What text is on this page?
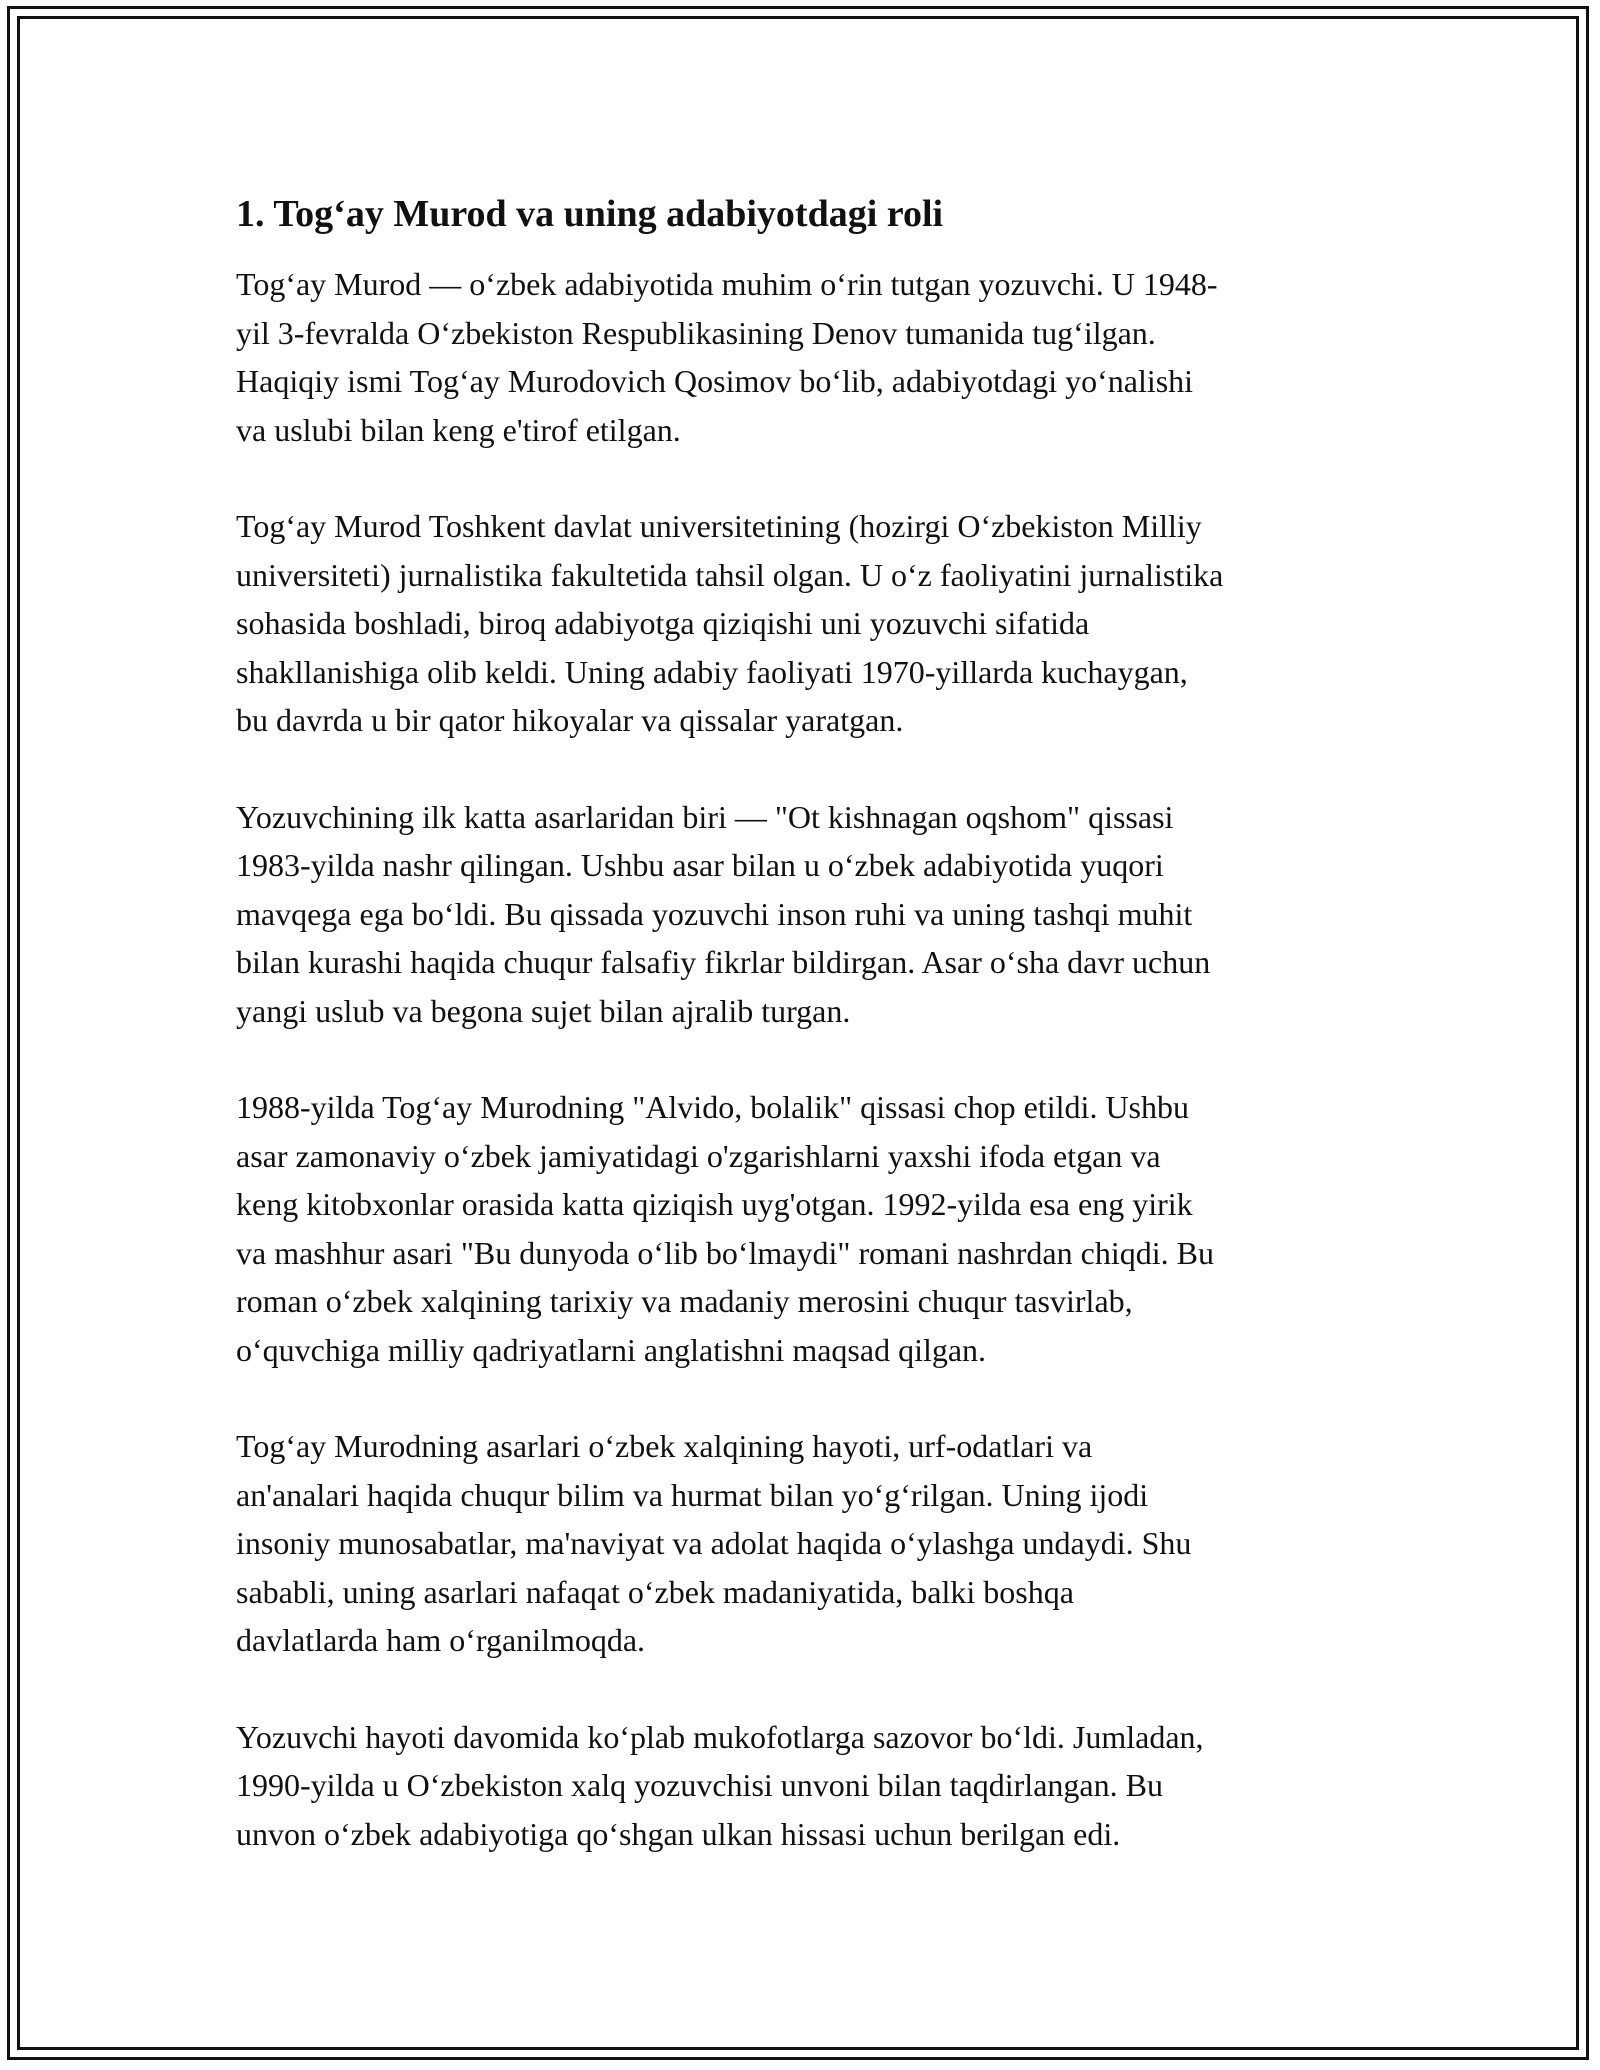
1. Tog‘ay Murod va uning adabiyotdagi roli

Tog‘ay Murod — o‘zbek adabiyotida muhim o‘rin tutgan yozuvchi. U 1948-
yil 3-fevralda O‘zbekiston Respublikasining Denov tumanida tug‘ilgan.
Haqiqiy ismi Tog‘ay Murodovich Qosimov bo‘lib, adabiyotdagi yo‘nalishi
va uslubi bilan keng e'tirof etilgan.

Tog‘ay Murod Toshkent davlat universitetining (hozirgi O‘zbekiston Milliy
universiteti) jurnalistika fakultetida tahsil olgan. U o‘z faoliyatini jurnalistika
sohasida boshladi, biroq adabiyotga qiziqishi uni yozuvchi sifatida
shakllanishiga olib keldi. Uning adabiy faoliyati 1970-yillarda kuchaygan,
bu davrda u bir qator hikoyalar va qissalar yaratgan.

Yozuvchining ilk katta asarlaridan biri — "Ot kishnagan oqshom" qissasi
1983-yilda nashr qilingan. Ushbu asar bilan u o‘zbek adabiyotida yuqori
mavqega ega bo‘ldi. Bu qissada yozuvchi inson ruhi va uning tashqi muhit
bilan kurashi haqida chuqur falsafiy fikrlar bildirgan. Asar o‘sha davr uchun
yangi uslub va begona sujet bilan ajralib turgan.

1988-yilda Tog‘ay Murodning "Alvido, bolalik" qissasi chop etildi. Ushbu
asar zamonaviy o‘zbek jamiyatidagi o'zgarishlarni yaxshi ifoda etgan va
keng kitobxonlar orasida katta qiziqish uyg'otgan. 1992-yilda esa eng yirik
va mashhur asari "Bu dunyoda o‘lib bo‘lmaydi" romani nashrdan chiqdi. Bu
roman o‘zbek xalqining tarixiy va madaniy merosini chuqur tasvirlab,
o‘quvchiga milliy qadriyatlarni anglatishni maqsad qilgan.

Tog‘ay Murodning asarlari o‘zbek xalqining hayoti, urf-odatlari va
an'analari haqida chuqur bilim va hurmat bilan yo‘g‘rilgan. Uning ijodi
insoniy munosabatlar, ma'naviyat va adolat haqida o‘ylashga undaydi. Shu
sababli, uning asarlari nafaqat o‘zbek madaniyatida, balki boshqa
davlatlarda ham o‘rganilmoqda.

Yozuvchi hayoti davomida ko‘plab mukofotlarga sazovor bo‘ldi. Jumladan,
1990-yilda u O‘zbekiston xalq yozuvchisi unvoni bilan taqdirlangan. Bu
unvon o‘zbek adabiyotiga qo‘shgan ulkan hissasi uchun berilgan edi.
